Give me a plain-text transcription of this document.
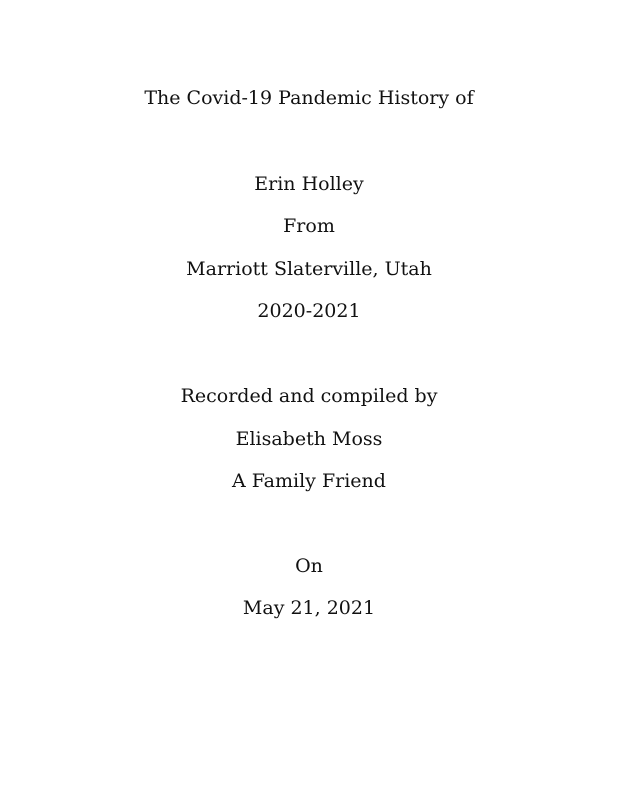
The Covid-19 Pandemic History of
Erin Holley
From
Marriott Slaterville, Utah
2020-2021
Recorded and compiled by
Elisabeth Moss
A Family Friend
On
May 21, 2021
